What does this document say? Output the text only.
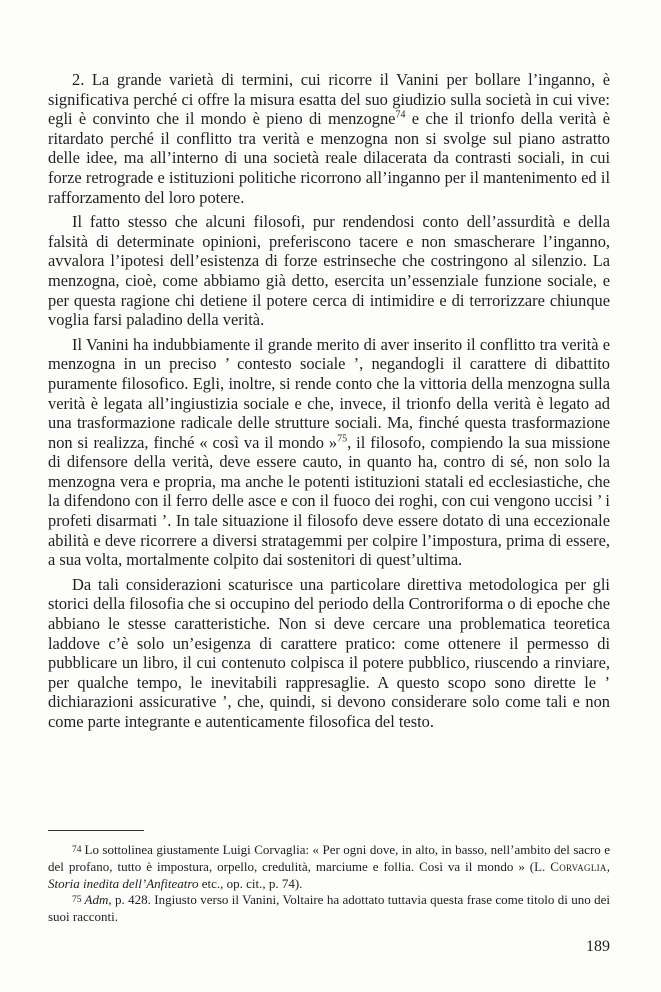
2. La grande varietà di termini, cui ricorre il Vanini per bollare l’inganno, è significativa perché ci offre la misura esatta del suo giudizio sulla società in cui vive: egli è convinto che il mondo è pieno di menzogne$^{74}$ e che il trionfo della verità è ritardato perché il conflitto tra verità e menzogna non si svolge sul piano astratto delle idee, ma all’interno di una società reale dilacerata da contrasti sociali, in cui forze retrograde e istituzioni politiche ricorrono all’inganno per il mantenimento ed il rafforzamento del loro potere.

Il fatto stesso che alcuni filosofi, pur rendendosi conto dell’assurdità e della falsità di determinate opinioni, preferiscono tacere e non smascherare l’inganno, avvalora l’ipotesi dell’esistenza di forze estrinseche che costringono al silenzio. La menzogna, cioè, come abbiamo già detto, esercita un’essenziale funzione sociale, e per questa ragione chi detiene il potere cerca di intimidire e di terrorizzare chiunque voglia farsi paladino della verità.

Il Vanini ha indubbiamente il grande merito di aver inserito il conflitto tra verità e menzogna in un preciso ’ contesto sociale ’, negandogli il carattere di dibattito puramente filosofico. Egli, inoltre, si rende conto che la vittoria della menzogna sulla verità è legata all’ingiustizia sociale e che, invece, il trionfo della verità è legato ad una trasformazione radicale delle strutture sociali. Ma, finché questa trasformazione non si realizza, finché « così va il mondo »$^{75}$, il filosofo, compiendo la sua missione di difensore della verità, deve essere cauto, in quanto ha, contro di sé, non solo la menzogna vera e propria, ma anche le potenti istituzioni statali ed ecclesiastiche, che la difendono con il ferro delle asce e con il fuoco dei roghi, con cui vengono uccisi ’ i profeti disarmati ’. In tale situazione il filosofo deve essere dotato di una eccezionale abilità e deve ricorrere a diversi stratagemmi per colpire l’impostura, prima di essere, a sua volta, mortalmente colpito dai sostenitori di quest’ultima.

Da tali considerazioni scaturisce una particolare direttiva metodologica per gli storici della filosofia che si occupino del periodo della Controriforma o di epoche che abbiano le stesse caratteristiche. Non si deve cercare una problematica teoretica laddove c’è solo un’esigenza di carattere pratico: come ottenere il permesso di pubblicare un libro, il cui contenuto colpisca il potere pubblico, riuscendo a rinviare, per qualche tempo, le inevitabili rappresaglie. A questo scopo sono dirette le ’ dichiarazioni assicurative ’, che, quindi, si devono considerare solo come tali e non come parte integrante e autenticamente filosofica del testo.

74 Lo sottolinea giustamente Luigi Corvaglia: « Per ogni dove, in alto, in basso, nell’ambito del sacro e del profano, tutto è impostura, orpello, credulità, marciume e follia. Così va il mondo » (L. Corvaglia, Storia inedita dell’Anfiteatro etc., op. cit., p. 74).

75 Adm, p. 428. Ingiusto verso il Vanini, Voltaire ha adottato tuttavia questa frase come titolo di uno dei suoi racconti.

189
